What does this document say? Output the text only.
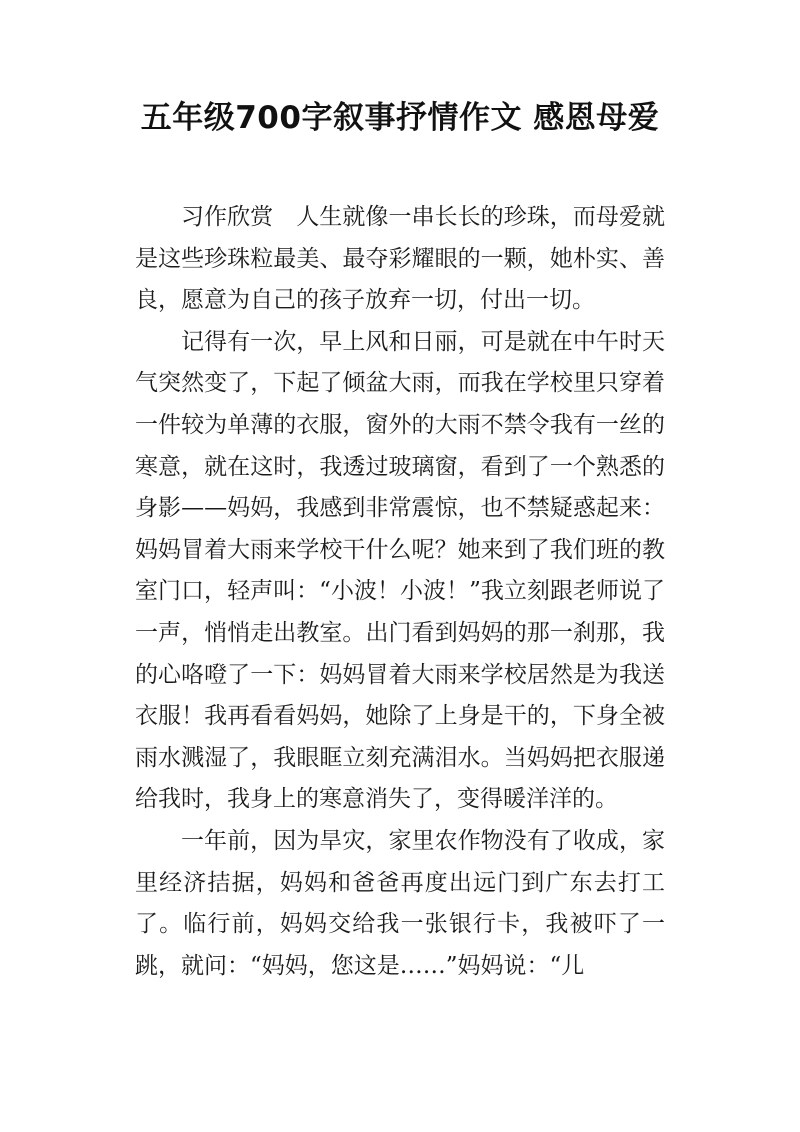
五年级700字叙事抒情作文 感恩母爱

习作欣赏　人生就像一串长长的珍珠，而母爱就是这些珍珠粒最美、最夺彩耀眼的一颗，她朴实、善良，愿意为自己的孩子放弃一切，付出一切。

记得有一次，早上风和日丽，可是就在中午时天气突然变了，下起了倾盆大雨，而我在学校里只穿着一件较为单薄的衣服，窗外的大雨不禁令我有一丝的寒意，就在这时，我透过玻璃窗，看到了一个熟悉的身影——妈妈，我感到非常震惊，也不禁疑惑起来：妈妈冒着大雨来学校干什么呢？她来到了我们班的教室门口，轻声叫：“小波！小波！”我立刻跟老师说了一声，悄悄走出教室。出门看到妈妈的那一刹那，我的心咯噔了一下：妈妈冒着大雨来学校居然是为我送衣服！我再看看妈妈，她除了上身是干的，下身全被雨水溅湿了，我眼眶立刻充满泪水。当妈妈把衣服递给我时，我身上的寒意消失了，变得暖洋洋的。

一年前，因为旱灾，家里农作物没有了收成，家里经济拮据，妈妈和爸爸再度出远门到广东去打工了。临行前，妈妈交给我一张银行卡，我被吓了一跳，就问：“妈妈，您这是……”妈妈说：“儿
